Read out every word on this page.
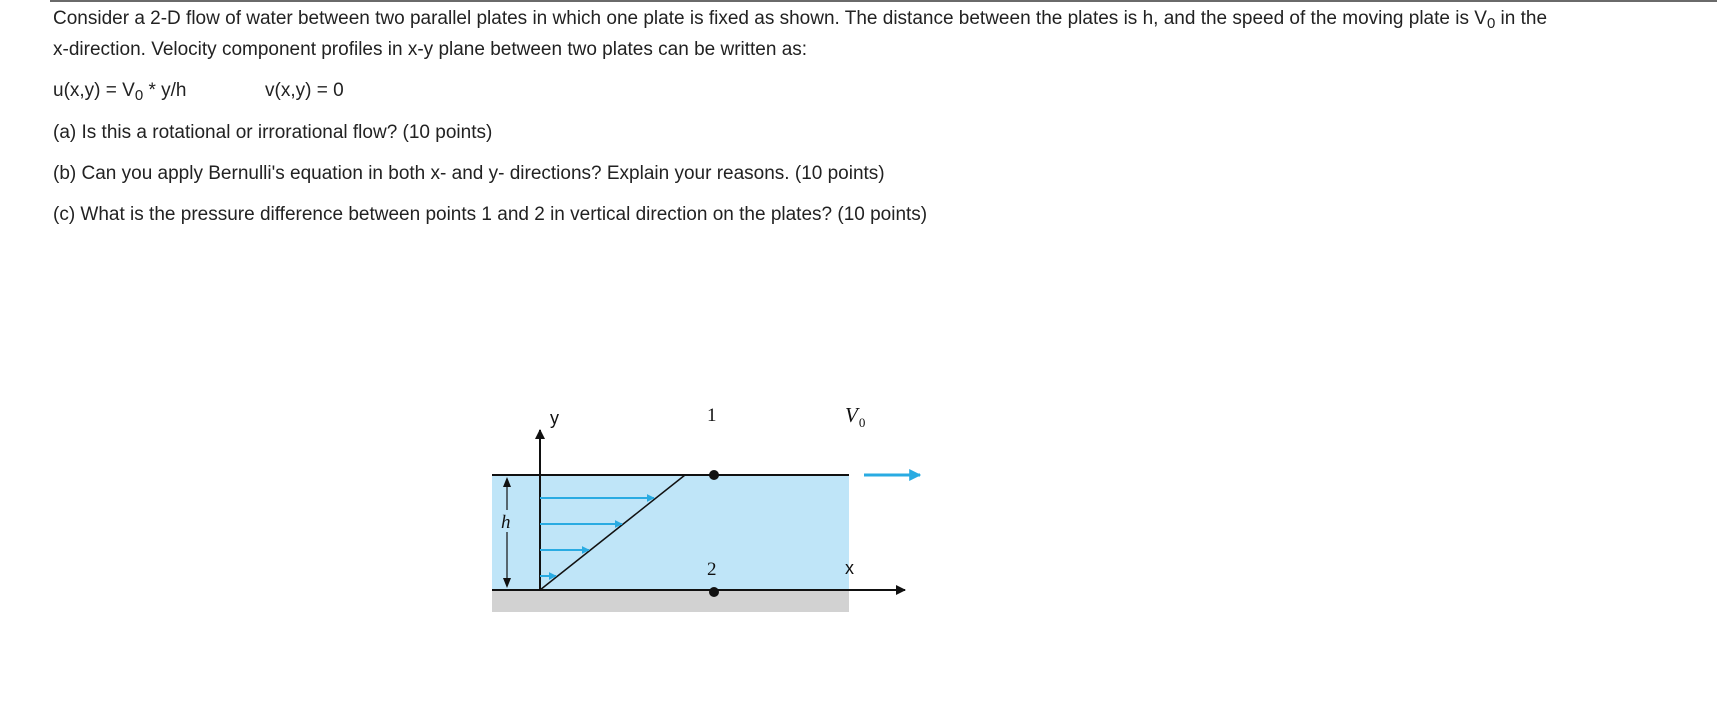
Consider a 2-D flow of water between two parallel plates in which one plate is fixed as shown. The distance between the plates is h, and the speed of the moving plate is $V_0$ in the

x-direction. Velocity component profiles in x-y plane between two plates can be written as:

$u(x,y) = V_0 * y/h$	v(x,y) = 0

(a) Is this a rotational or irrorational flow? (10 points)

(b) Can you apply Bernulli's equation in both x- and y- directions? Explain your reasons. (10 points)

(c) What is the pressure difference between points 1 and 2 in vertical direction on the plates? (10 points)

y	1
2
h
$V_0$
x
